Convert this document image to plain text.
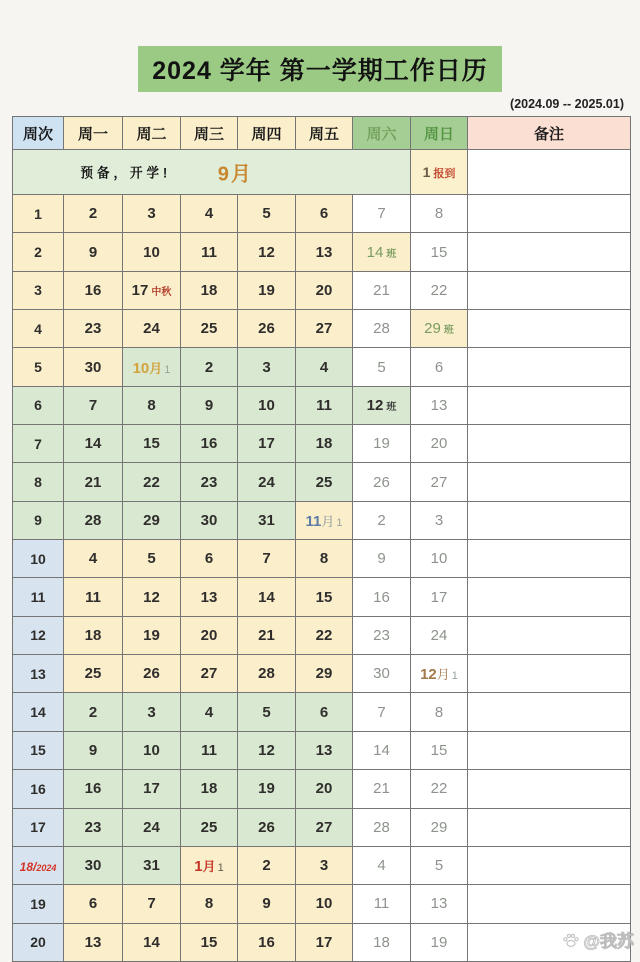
2024 学年 第一学期工作日历
(2024.09 -- 2025.01)
周次	周一	周二	周三	周四	周五	周六	周日	备注

预备，开学! 9月							1 报到	
1	2	3	4	5	6	7	8	
2	9	10	11	12	13	14 班	15	
3	16	17 中秋	18	19	20	21	22	
4	23	24	25	26	27	28	29 班	
5	30	10月 1	2	3	4	5	6	
6	7	8	9	10	11	12 班	13	
7	14	15	16	17	18	19	20	
8	21	22	23	24	25	26	27	
9	28	29	30	31	11月 1	2	3	
10	4	5	6	7	8	9	10	
11	11	12	13	14	15	16	17	
12	18	19	20	21	22	23	24	
13	25	26	27	28	29	30	12月 1	
14	2	3	4	5	6	7	8	
15	9	10	11	12	13	14	15	
16	16	17	18	19	20	21	22	
17	23	24	25	26	27	28	29	
18/2024	30	31	1月 1	2	3	4	5	
19	6	7	8	9	10	11	13	
20	13	14	15	16	17	18	19		@我苏
